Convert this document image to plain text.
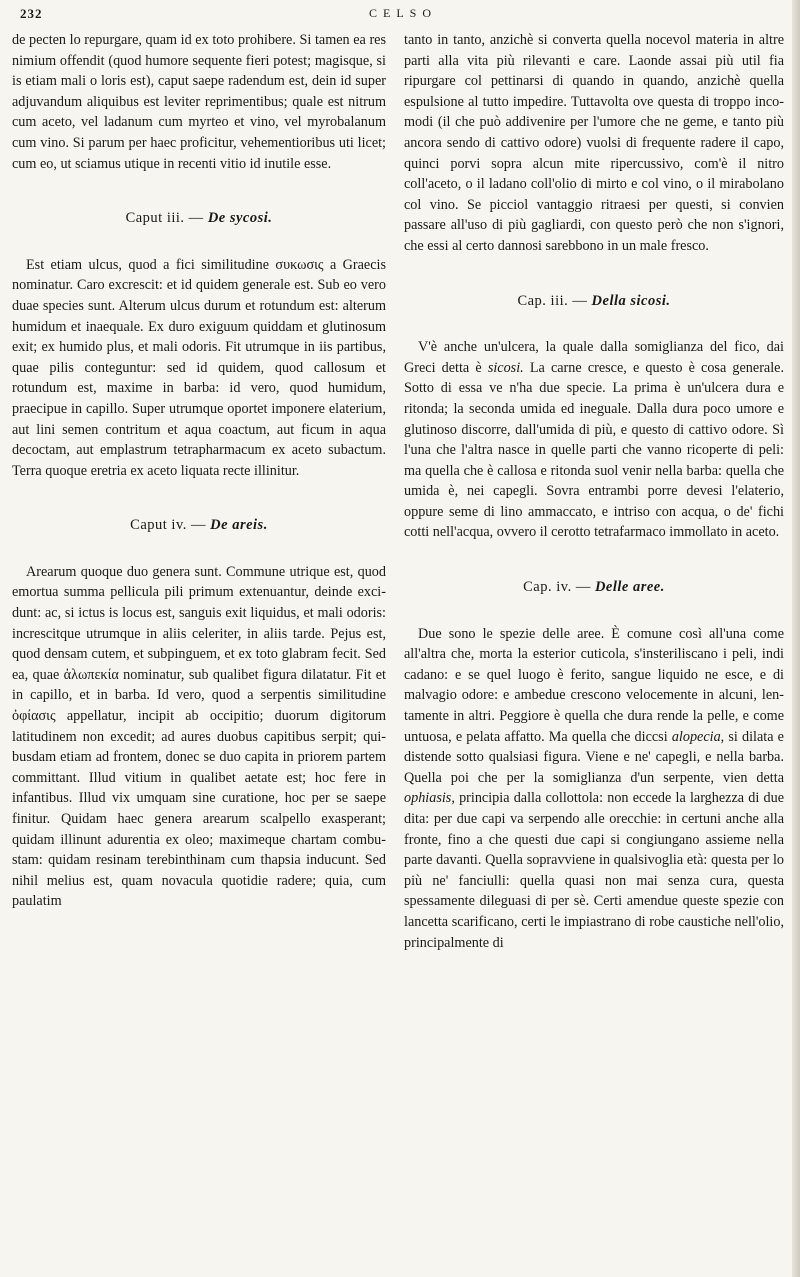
232	CELSO

de pecten lo repurgare, quam id ex toto prohibere. Si tamen ea res nimium offendit (quod humore sequente fieri potest; magisque, si is etiam mali o loris est), caput saepe radendum est, dein id super adjuvandum aliquibus est leviter reprimentibus; quale est nitrum cum aceto, vel ladanum cum myrteo et vino, vel myrobalanum cum vino. Si parum per haec proficitur, vehementioribus uti licet; cum eo, ut sciamus utique in recenti vitio id inutile esse.

Caput iii. — De sycosi.

Est etiam ulcus, quod a fici similitudine συκωσις a Graecis nominatur. Caro excrescit: et id quidem generale est. Sub eo vero duae species sunt. Alterum ulcus durum et rotundum est: alterum humidum et inaequale. Ex duro exiguum quiddam et glutinosum exit; ex humido plus, et mali odoris. Fit utrumque in iis partibus, quae pilis conteguntur: sed id quidem, quod callosum et rotundum est, maxime in barba: id vero, quod humidum, praecipue in capillo. Super utrumque oportet imponere elaterium, aut lini semen contritum et aqua coactum, aut ficum in aqua decoctam, aut emplastrum tetrapharmacum ex aceto subactum. Terra quoque eretria ex aceto liquata recte illinitur.

Caput iv. — De areis.

Arearum quoque duo genera sunt. Commune utrique est, quod emortua summa pellicula pili primum extenuantur, deinde excidunt: ac, si ictus is locus est, sanguis exit liquidus, et mali odoris: increscitque utrumque in aliis celeriter, in aliis tarde. Pejus est, quod densam cutem, et subpinguem, et ex toto glabram fecit. Sed ea, quae ἀλωπεκία nominatur, sub qualibet figura dilatatur. Fit et in capillo, et in barba. Id vero, quod a serpentis similitudine ὀφίασις appellatur, incipit ab occipitio; duorum digitorum latitudinem non excedit; ad aures duobus capitibus serpit; quibusdam etiam ad frontem, donec se duo capita in priorem partem committant. Illud vitium in qualibet aetate est; hoc fere in infantibus. Illud vix umquam sine curatione, hoc per se saepe finitur. Quidam haec genera arearum scalpello exasperant; quidam illinunt adurentia ex oleo; maximeque chartam combustam: quidam resinam terebinthinam cum thapsia inducunt. Sed nihil melius est, quam novacula quotidie radere; quia, cum paulatim

tanto in tanto, anzichè si converta quella nocevol materia in altre parti alla vita più rilevanti e care. Laonde assai più util fia ripurgare col pettinarsi di quando in quando, anzichè quella espulsione al tutto impedire. Tuttavolta ove questa di troppo incomodi (il che può addivenire per l'umore che ne geme, e tanto più ancora sendo di cattivo odore) vuolsi di frequente radere il capo, quinci porvi sopra alcun mite ripercussivo, com'è il nitro coll'aceto, o il ladano coll'olio di mirto e col vino, o il mirabolano col vino. Se picciol vantaggio ritraesi per questi, si convien passare all'uso di più gagliardi, con questo però che non s'ignori, che essi al certo dannosi sarebbono in un male fresco.

Cap. iii. — Della sicosi.

V'è anche un'ulcera, la quale dalla somiglianza del fico, dai Greci detta è sicosi. La carne cresce, e questo è cosa generale. Sotto di essa ve n'ha due specie. La prima è un'ulcera dura e ritonda; la seconda umida ed ineguale. Dalla dura poco umore e glutinoso discorre, dall'umida di più, e questo di cattivo odore. Sì l'una che l'altra nasce in quelle parti che vanno ricoperte di peli: ma quella che è callosa e ritonda suol venir nella barba: quella che umida è, nei capegli. Sovra entrambi porre devesi l'elaterio, oppure seme di lino ammaccato, e intriso con acqua, o de' fichi cotti nell'acqua, ovvero il cerotto tetrafarmaco immollato in aceto.

Cap. iv. — Delle aree.

Due sono le spezie delle aree. È comune così all'una come all'altra che, morta la esterior cuticola, s'insteriliscano i peli, indi cadano: e se quel luogo è ferito, sangue liquido ne esce, e di malvagio odore: e ambedue crescono velocemente in alcuni, lentamente in altri. Peggiore è quella che dura rende la pelle, e come untuosa, e pelata affatto. Ma quella che diccsi alopecia, si dilata e distende sotto qualsiasi figura. Viene e ne' capegli, e nella barba. Quella poi che per la somiglianza d'un serpente, vien detta ophiasis, principia dalla collottola: non eccede la larghezza di due dita: per due capi va serpendo alle orecchie: in certuni anche alla fronte, fino a che questi due capi si congiungano assieme nella parte davanti. Quella sopravviene in qualsivoglia età: questa per lo più ne' fanciulli: quella quasi non mai senza cura, questa spessamente dileguasi di per sè. Certi amendue queste spezie con lancetta scarificano, certi le impiastrano di robe caustiche nell'olio, principalmente di
